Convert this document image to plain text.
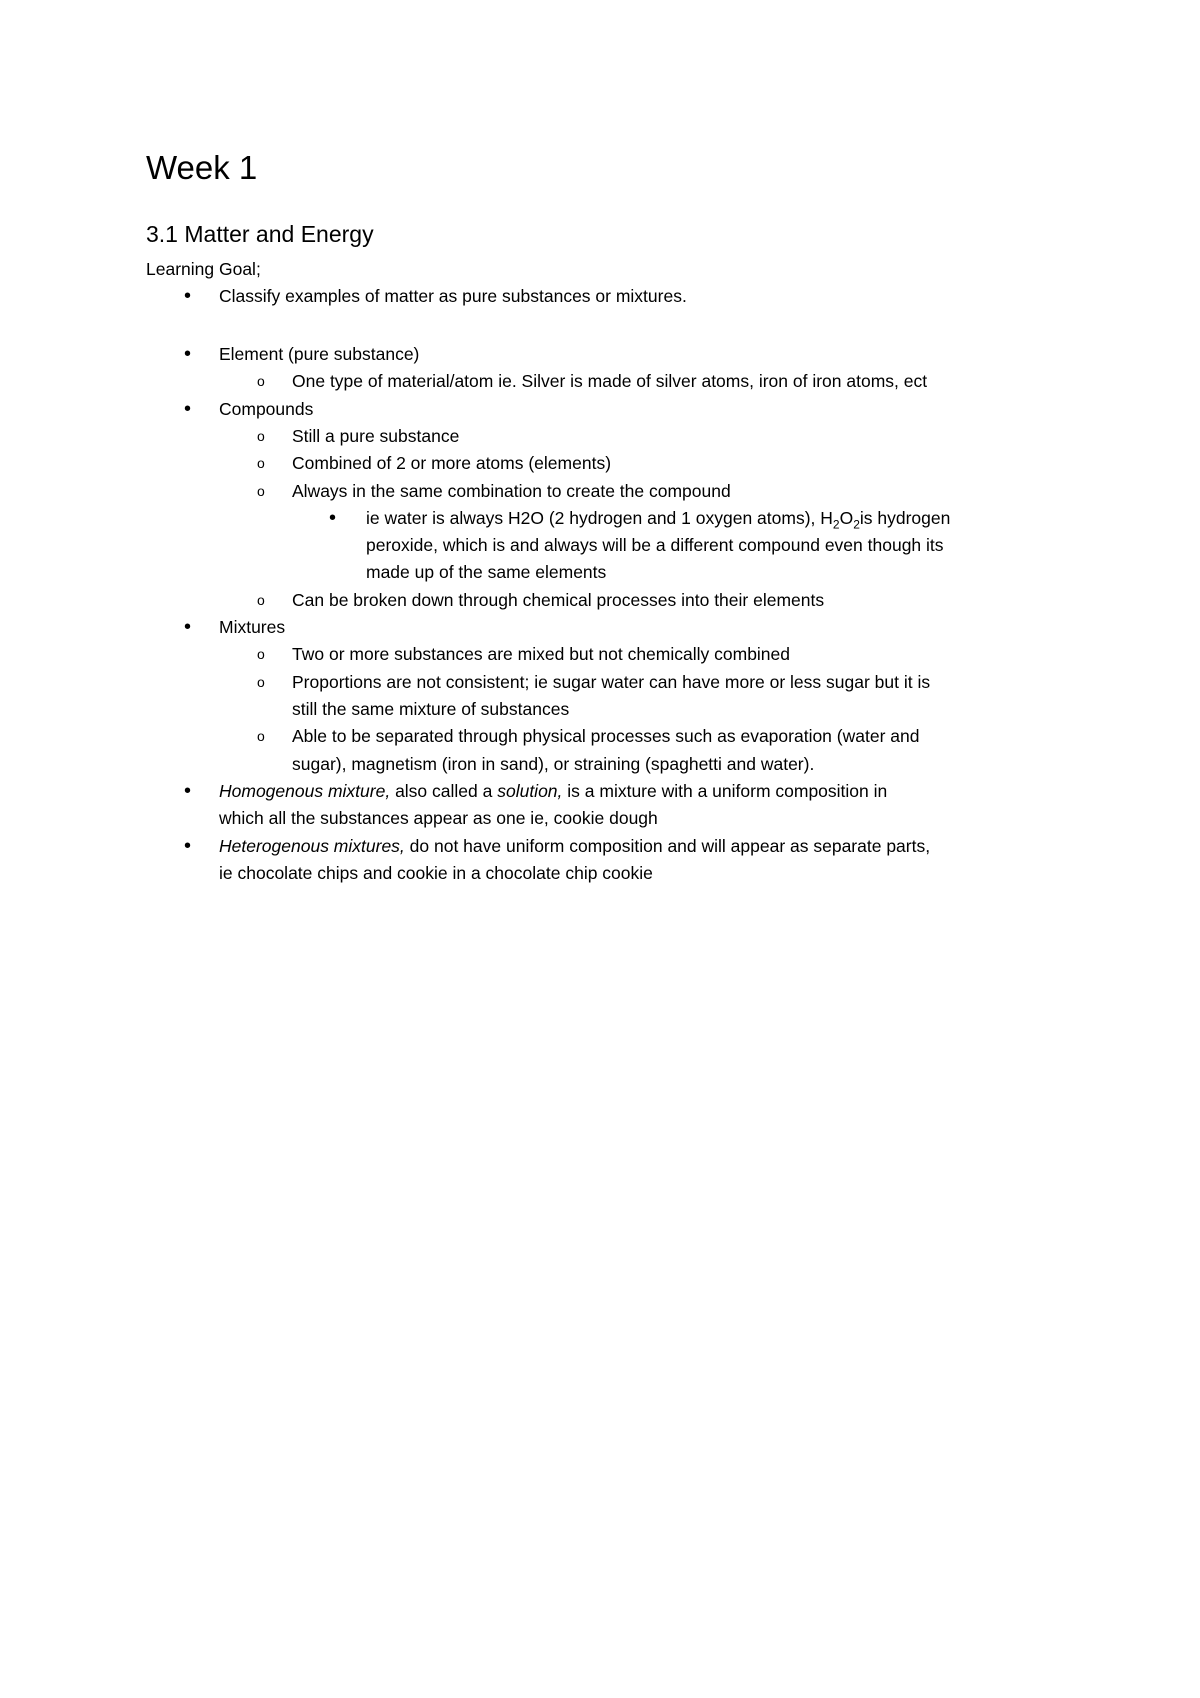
Week 1
3.1 Matter and Energy
Learning Goal;
• Classify examples of matter as pure substances or mixtures.
• Element (pure substance)
o One type of material/atom ie. Silver is made of silver atoms, iron of iron atoms, ect
• Compounds
o Still a pure substance
o Combined of 2 or more atoms (elements)
o Always in the same combination to create the compound
• ie water is always H2O (2 hydrogen and 1 oxygen atoms), $H_2O_2is$ hydrogen
peroxide, which is and always will be a different compound even though its
made up of the same elements
o Can be broken down through chemical processes into their elements
• Mixtures
o Two or more substances are mixed but not chemically combined
o Proportions are not consistent; ie sugar water can have more or less sugar but it is
still the same mixture of substances
o Able to be separated through physical processes such as evaporation (water and
sugar), magnetism (iron in sand), or straining (spaghetti and water).
• Homogenous mixture, also called a solution, is a mixture with a uniform composition in
which all the substances appear as one ie, cookie dough
• Heterogenous mixtures, do not have uniform composition and will appear as separate parts,
ie chocolate chips and cookie in a chocolate chip cookie
